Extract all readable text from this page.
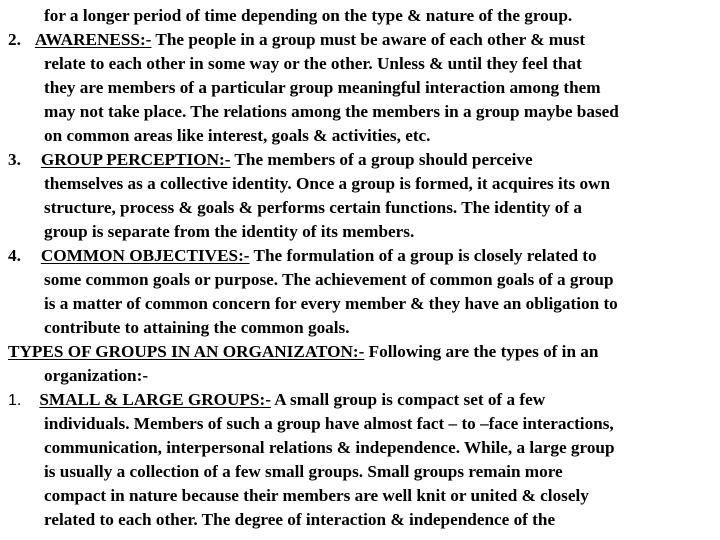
for a longer period of time depending on the type & nature of the group.
2. AWARENESS:- The people in a group must be aware of each other & must
relate to each other in some way or the other. Unless & until they feel that
they are members of a particular group meaningful interaction among them
may not take place. The relations among the members in a group maybe based
on common areas like interest, goals & activities, etc.
3. GROUP PERCEPTION:- The members of a group should perceive
themselves as a collective identity. Once a group is formed, it acquires its own
structure, process & goals & performs certain functions. The identity of a
group is separate from the identity of its members.
4. COMMON OBJECTIVES:- The formulation of a group is closely related to
some common goals or purpose. The achievement of common goals of a group
is a matter of common concern for every member & they have an obligation to
contribute to attaining the common goals.
TYPES OF GROUPS IN AN ORGANIZATON:- Following are the types of in an
organization:-
1. SMALL & LARGE GROUPS:- A small group is compact set of a few
individuals. Members of such a group have almost fact – to –face interactions,
communication, interpersonal relations & independence. While, a large group
is usually a collection of a few small groups. Small groups remain more
compact in nature because their members are well knit or united & closely
related to each other. The degree of interaction & independence of the
